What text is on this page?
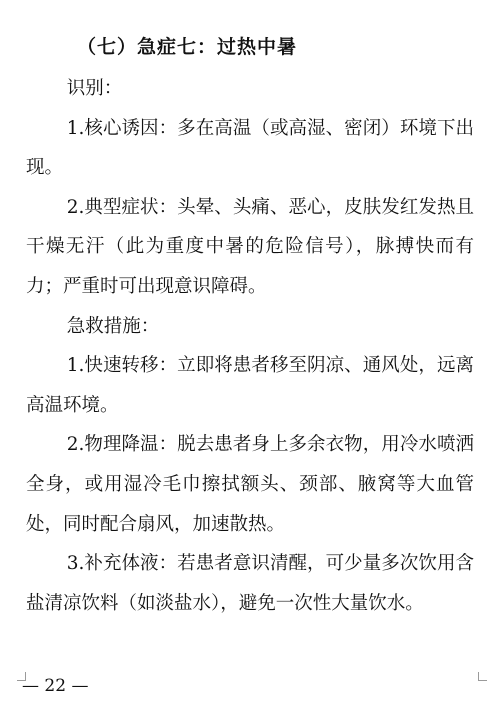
（七）急症七：过热中暑

识别：

1.核心诱因：多在高温（或高湿、密闭）环境下出现。

2.典型症状：头晕、头痛、恶心，皮肤发红发热且干燥无汗（此为重度中暑的危险信号），脉搏快而有力；严重时可出现意识障碍。

急救措施：

1.快速转移：立即将患者移至阴凉、通风处，远离高温环境。

2.物理降温：脱去患者身上多余衣物，用冷水喷洒全身，或用湿冷毛巾擦拭额头、颈部、腋窝等大血管处，同时配合扇风，加速散热。

3.补充体液：若患者意识清醒，可少量多次饮用含盐清凉饮料（如淡盐水），避免一次性大量饮水。

— 22 —
